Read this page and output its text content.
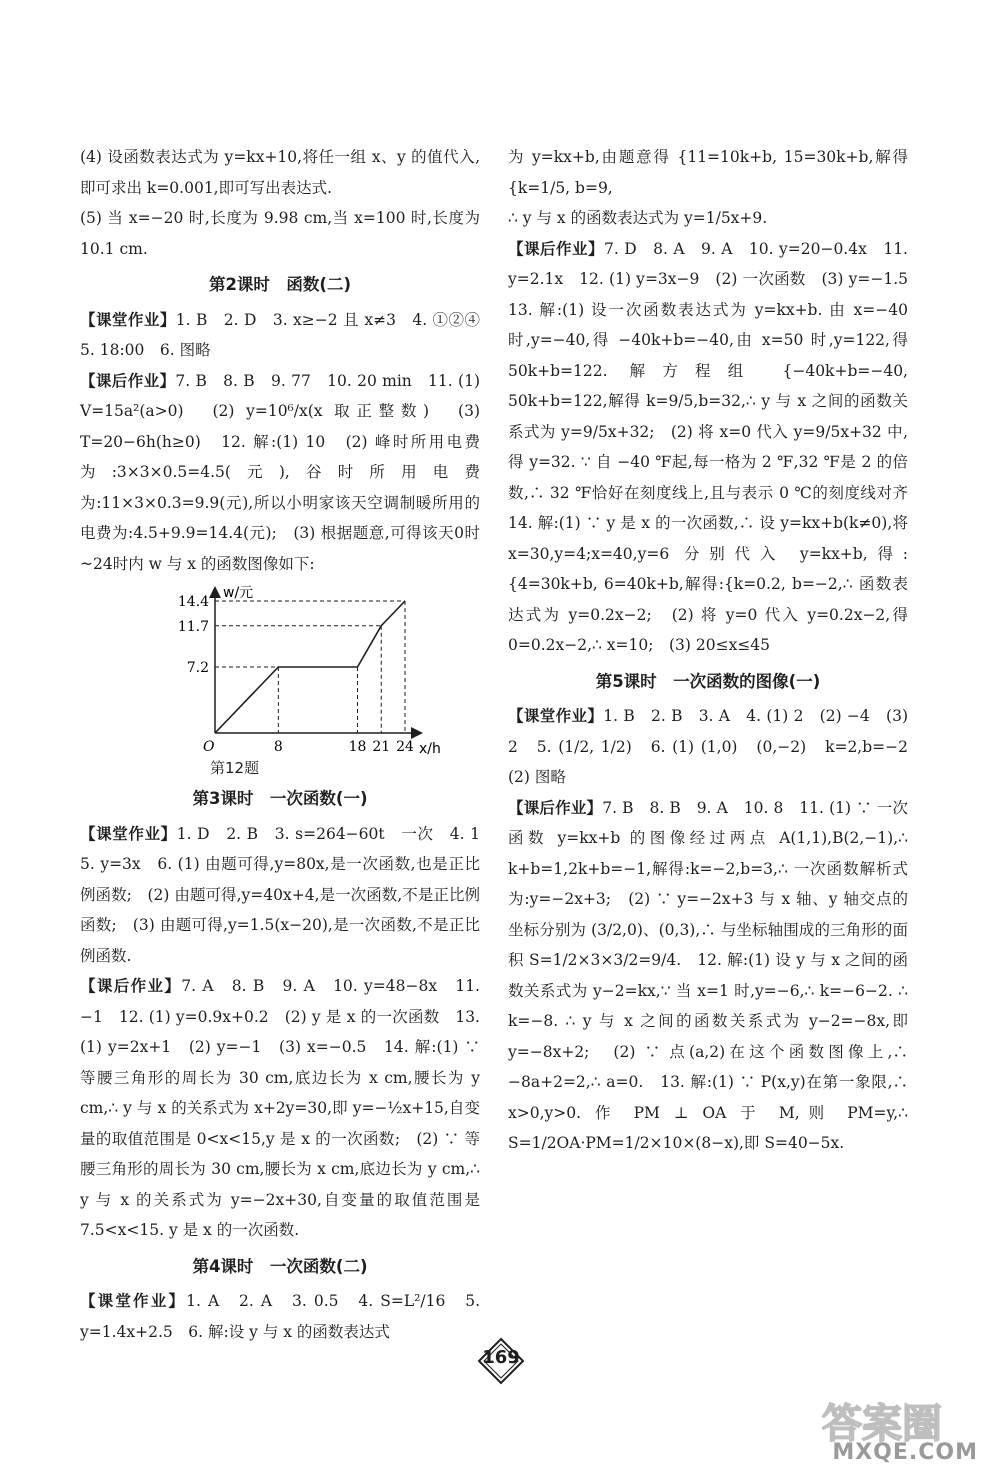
(4) 设函数表达式为 y=kx+10,将任一组 x、y 的值代入,即可求出 k=0.001,即可写出表达式.

(5) 当 x=−20 时,长度为 9.98 cm,当 x=100 时,长度为 10.1 cm.

第2课时　函数(二)

【课堂作业】1. B　2. D　3. x≥−2 且 x≠3　4. ①②④　5. 18:00　6. 图略

【课后作业】7. B　8. B　9. 77　10. 20 min　11. (1) V=15a²(a>0)　(2) y=10⁶/x(x 取正整数)　(3) T=20−6h(h≥0)　12. 解:(1) 10　(2) 峰时所用电费为:3×3×0.5=4.5(元),谷时所用电费为:11×3×0.3=9.9(元),所以小明家该天空调制暖所用的电费为:4.5+9.9=14.4(元);　(3) 根据题意,可得该天0时~24时内 w 与 x 的函数图像如下:

w/元
x/h
O
14.4
11.7
7.2
8	18 21 24
第12题
第3课时　一次函数(一)

【课堂作业】1. D　2. B　3. s=264−60t　一次　4. 1　5. y=3x　6. (1) 由题可得,y=80x,是一次函数,也是正比例函数;　(2) 由题可得,y=40x+4,是一次函数,不是正比例函数;　(3) 由题可得,y=1.5(x−20),是一次函数,不是正比例函数.

【课后作业】7. A　8. B　9. A　10. y=48−8x　11. −1　12. (1) y=0.9x+0.2　(2) y 是 x 的一次函数　13. (1) y=2x+1　(2) y=−1　(3) x=−0.5　14. 解:(1) ∵ 等腰三角形的周长为 30 cm,底边长为 x cm,腰长为 y cm,∴ y 与 x 的关系式为 x+2y=30,即 y=−½x+15,自变量的取值范围是 0<x<15,y 是 x 的一次函数;　(2) ∵ 等腰三角形的周长为 30 cm,腰长为 x cm,底边长为 y cm,∴ y 与 x 的关系式为 y=−2x+30,自变量的取值范围是 7.5<x<15. y 是 x 的一次函数.

第4课时　一次函数(二)

【课堂作业】1. A　2. A　3. 0.5　4. S=L²/16　5. y=1.4x+2.5　6. 解:设 y 与 x 的函数表达式

为 y=kx+b,由题意得 {11=10k+b, 15=30k+b,解得 {k=1/5, b=9,

∴ y 与 x 的函数表达式为 y=1/5x+9.

【课后作业】7. D　8. A　9. A　10. y=20−0.4x　11. y=2.1x　12. (1) y=3x−9　(2) 一次函数　(3) y=−1.5　13. 解:(1) 设一次函数表达式为 y=kx+b. 由 x=−40 时,y=−40,得 −40k+b=−40,由 x=50 时,y=122,得 50k+b=122. 解方程组 {−40k+b=−40, 50k+b=122,解得 k=9/5,b=32,∴ y 与 x 之间的函数关系式为 y=9/5x+32;　(2) 将 x=0 代入 y=9/5x+32 中,得 y=32. ∵ 自 −40 ℉起,每一格为 2 ℉,32 ℉是 2 的倍数,∴ 32 ℉恰好在刻度线上,且与表示 0 ℃的刻度线对齐　14. 解:(1) ∵ y 是 x 的一次函数,∴ 设 y=kx+b(k≠0),将 x=30,y=4;x=40,y=6 分别代入 y=kx+b,得:{4=30k+b, 6=40k+b,解得:{k=0.2, b=−2,∴ 函数表达式为 y=0.2x−2;　(2) 将 y=0 代入 y=0.2x−2,得 0=0.2x−2,∴ x=10;　(3) 20≤x≤45

第5课时　一次函数的图像(一)

【课堂作业】1. B　2. B　3. A　4. (1) 2　(2) −4　(3) 2　5. (1/2, 1/2)　6. (1) (1,0)　(0,−2)　k=2,b=−2　(2) 图略

【课后作业】7. B　8. B　9. A　10. 8　11. (1) ∵ 一次函数 y=kx+b 的图像经过两点 A(1,1),B(2,−1),∴ k+b=1,2k+b=−1,解得:k=−2,b=3,∴ 一次函数解析式为:y=−2x+3;　(2) ∵ y=−2x+3 与 x 轴、y 轴交点的坐标分别为 (3/2,0)、(0,3),∴ 与坐标轴围成的三角形的面积 S=1/2×3×3/2=9/4.　12. 解:(1) 设 y 与 x 之间的函数关系式为 y−2=kx,∵ 当 x=1 时,y=−6,∴ k=−6−2. ∴ k=−8. ∴ y 与 x 之间的函数关系式为 y−2=−8x,即 y=−8x+2;　(2) ∵ 点(a,2)在这个函数图像上,∴ −8a+2=2,∴ a=0.　13. 解:(1) ∵ P(x,y)在第一象限,∴ x>0,y>0. 作 PM ⊥ OA 于 M,则 PM=y,∴ S=1/2OA·PM=1/2×10×(8−x),即 S=40−5x.

169
答案圈
MXQE.COM
